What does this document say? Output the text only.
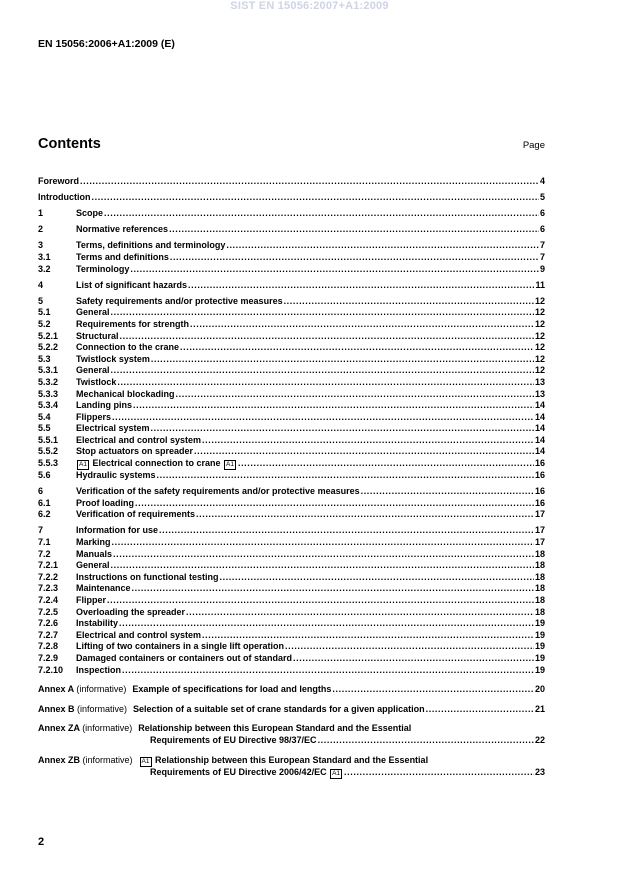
SIST EN 15056:2007+A1:2009
EN 15056:2006+A1:2009 (E)
Contents	Page
Foreword .....	4
Introduction .....	5
1	Scope .....	6
2	Normative references .....	6
3	Terms, definitions and terminology .....	7
3.1	Terms and definitions .....	7
3.2	Terminology .....	9
4	List of significant hazards .....	11
5	Safety requirements and/or protective measures .....	12
5.1	General .....	12
5.2	Requirements for strength .....	12
5.2.1	Structural .....	12
5.2.2	Connection to the crane .....	12
5.3	Twistlock system .....	12
5.3.1	General .....	12
5.3.2	Twistlock .....	13
5.3.3	Mechanical blockading .....	13
5.3.4	Landing pins .....	14
5.4	Flippers .....	14
5.5	Electrical system .....	14
5.5.1	Electrical and control system .....	14
5.5.2	Stop actuators on spreader .....	14
5.5.3	A1 Electrical connection to crane A1 .....	16
5.6	Hydraulic systems .....	16
6	Verification of the safety requirements and/or protective measures .....	16
6.1	Proof loading .....	16
6.2	Verification of requirements .....	17
7	Information for use .....	17
7.1	Marking .....	17
7.2	Manuals .....	18
7.2.1	General .....	18
7.2.2	Instructions on functional testing .....	18
7.2.3	Maintenance .....	18
7.2.4	Flipper .....	18
7.2.5	Overloading the spreader .....	18
7.2.6	Instability .....	19
7.2.7	Electrical and control system .....	19
7.2.8	Lifting of two containers in a single lift operation .....	19
7.2.9	Damaged containers or containers out of standard .....	19
7.2.10	Inspection .....	19
Annex A (informative) Example of specifications for load and lengths .....	20
Annex B (informative) Selection of a suitable set of crane standards for a given application .....	21
Annex ZA (informative) Relationship between this European Standard and the Essential
Requirements of EU Directive 98/37/EC .....	22
Annex ZB (informative)	A1 Relationship between this European Standard and the Essential
Requirements of EU Directive 2006/42/EC A1 .....	23
2
